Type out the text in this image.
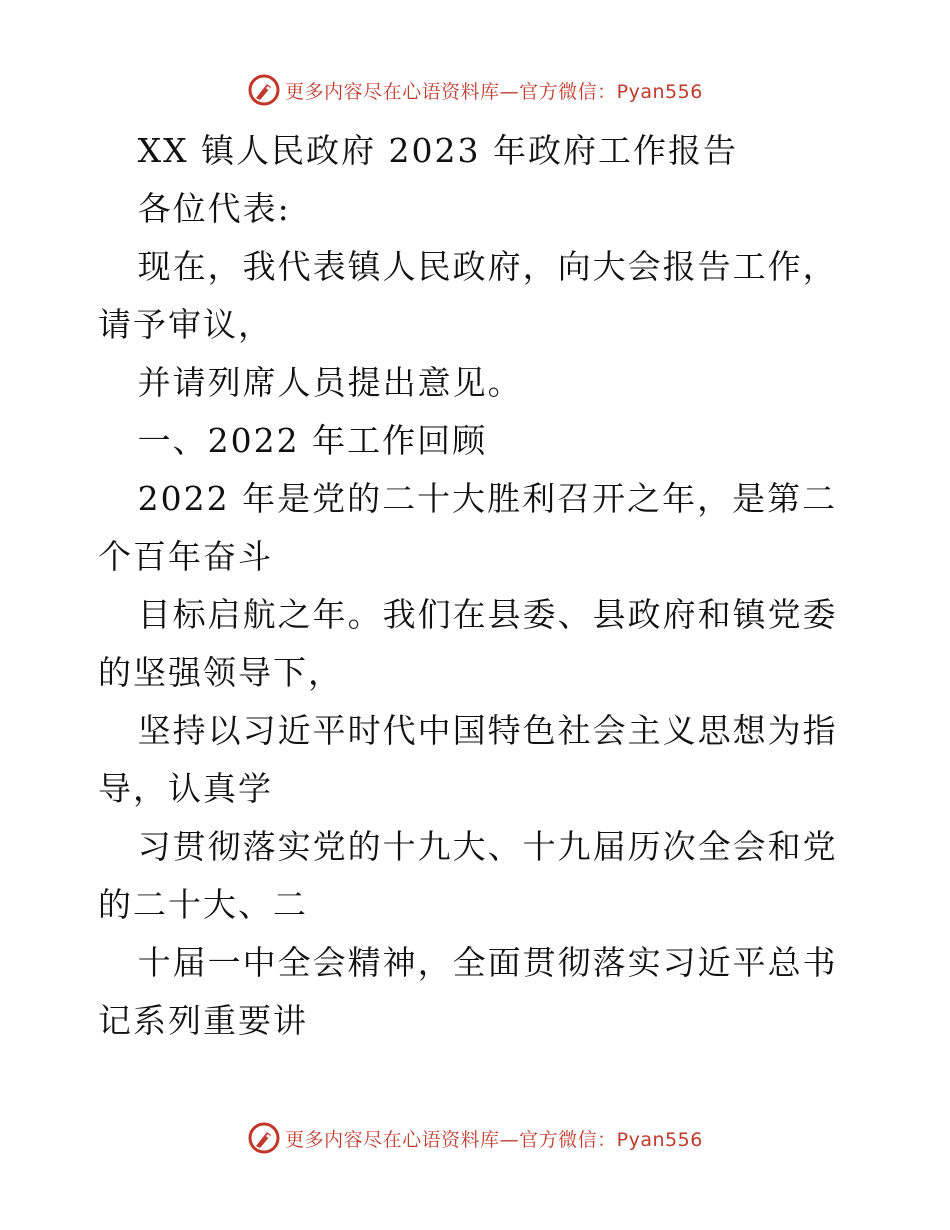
更多内容尽在心语资料库—官方微信：Pyan556

XX 镇人民政府 2023 年政府工作报告

各位代表:

现在，我代表镇人民政府，向大会报告工作，请予审议，

并请列席人员提出意见。

一、2022 年工作回顾

2022 年是党的二十大胜利召开之年，是第二个百年奋斗

目标启航之年。我们在县委、县政府和镇党委的坚强领导下，

坚持以习近平时代中国特色社会主义思想为指导，认真学

习贯彻落实党的十九大、十九届历次全会和党的二十大、二

十届一中全会精神，全面贯彻落实习近平总书记系列重要讲

更多内容尽在心语资料库—官方微信：Pyan556
